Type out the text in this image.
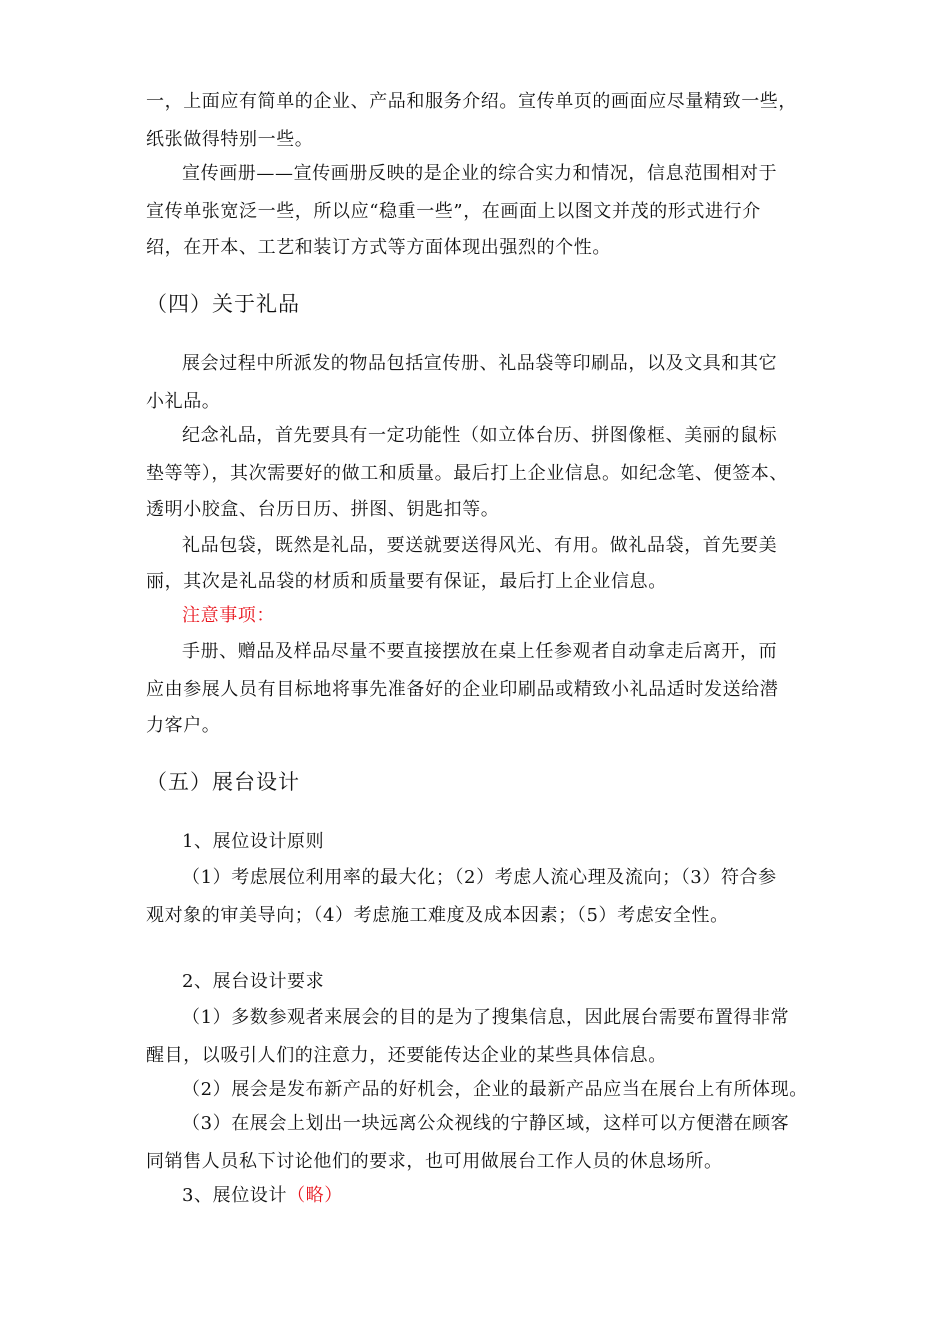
一，上面应有简单的企业、产品和服务介绍。宣传单页的画面应尽量精致一些，
纸张做得特别一些。
宣传画册——宣传画册反映的是企业的综合实力和情况，信息范围相对于
宣传单张宽泛一些，所以应“稳重一些”，在画面上以图文并茂的形式进行介
绍，在开本、工艺和装订方式等方面体现出强烈的个性。
（四）关于礼品
展会过程中所派发的物品包括宣传册、礼品袋等印刷品，以及文具和其它
小礼品。
纪念礼品，首先要具有一定功能性（如立体台历、拼图像框、美丽的鼠标
垫等等），其次需要好的做工和质量。最后打上企业信息。如纪念笔、便签本、
透明小胶盒、台历日历、拼图、钥匙扣等。
礼品包袋，既然是礼品，要送就要送得风光、有用。做礼品袋，首先要美
丽，其次是礼品袋的材质和质量要有保证，最后打上企业信息。
注意事项：
手册、赠品及样品尽量不要直接摆放在桌上任参观者自动拿走后离开，而
应由参展人员有目标地将事先准备好的企业印刷品或精致小礼品适时发送给潜
力客户。
（五）展台设计
1、展位设计原则
（1）考虑展位利用率的最大化；（2）考虑人流心理及流向；（3）符合参
观对象的审美导向；（4）考虑施工难度及成本因素；（5）考虑安全性。
2、展台设计要求
（1）多数参观者来展会的目的是为了搜集信息，因此展台需要布置得非常
醒目，以吸引人们的注意力，还要能传达企业的某些具体信息。
（2）展会是发布新产品的好机会，企业的最新产品应当在展台上有所体现。
（3）在展会上划出一块远离公众视线的宁静区域，这样可以方便潜在顾客
同销售人员私下讨论他们的要求，也可用做展台工作人员的休息场所。
3、展位设计（略）
